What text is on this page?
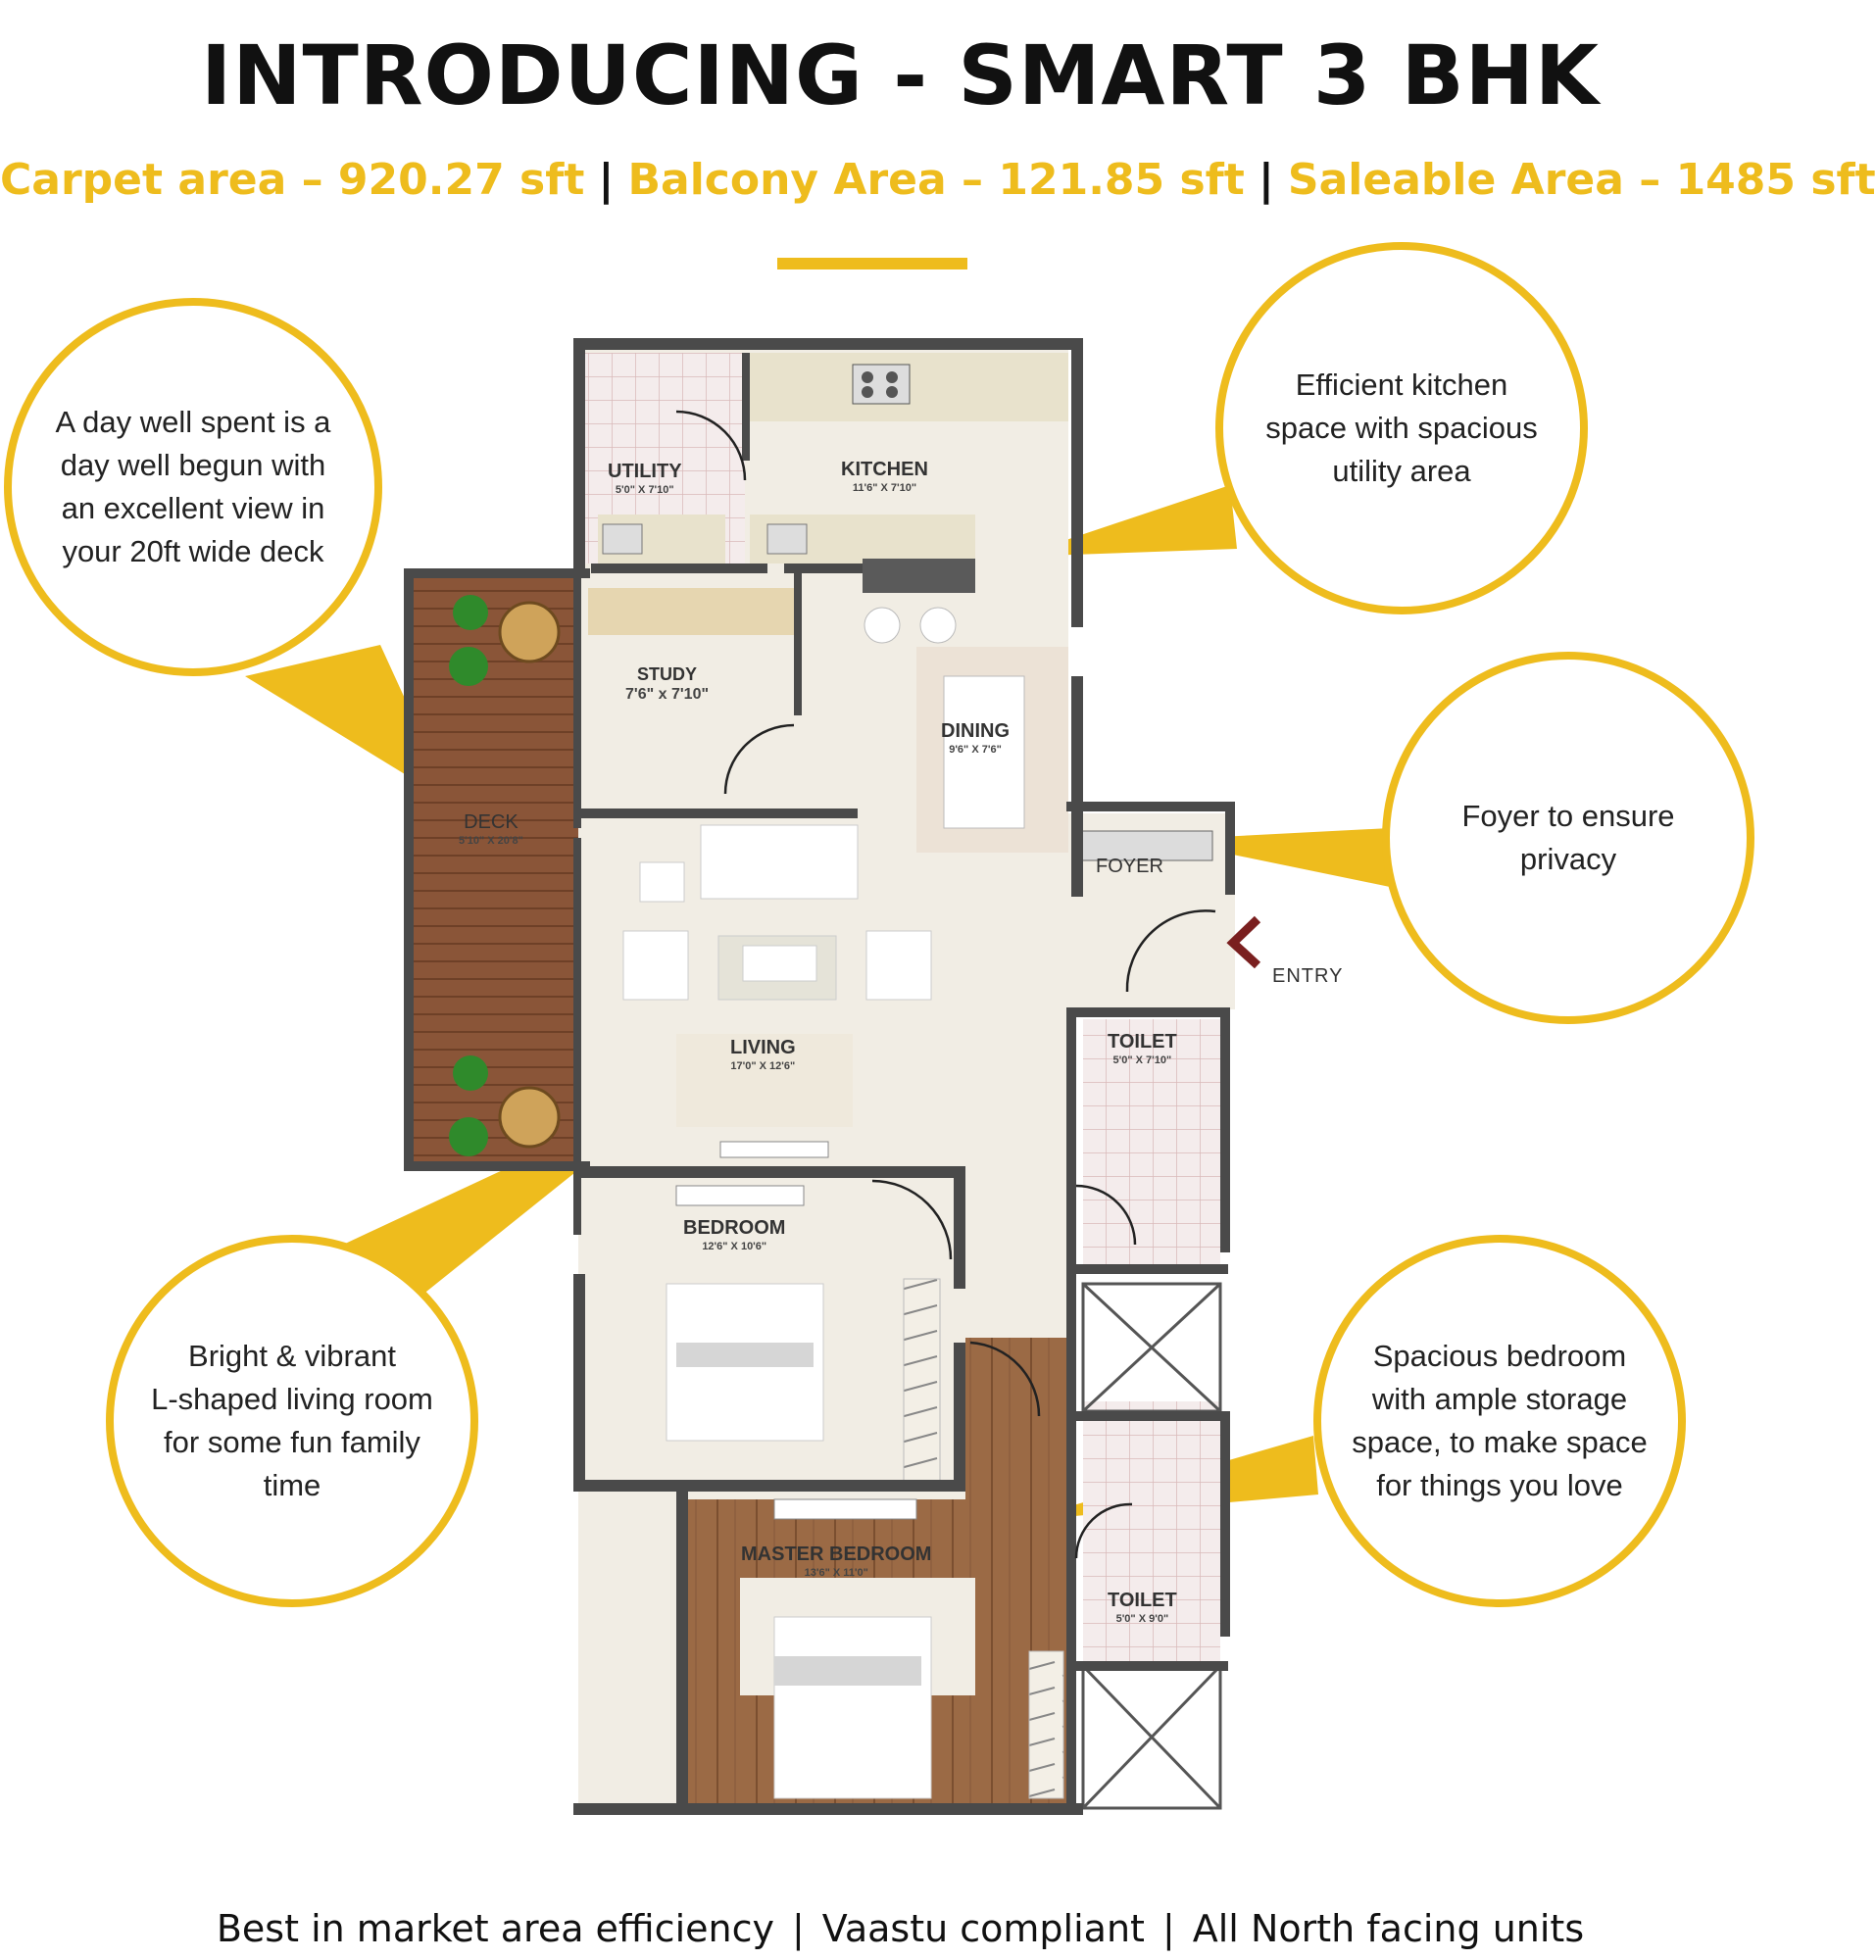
INTRODUCING - SMART 3 BHK
Carpet area – 920.27 sft | Balcony Area – 121.85 sft | Saleable Area – 1485 sft
UTILITY
5'0" X 7'10"
KITCHEN
11'6" X 7'10"
STUDY
7'6" x 7'10"
DINING
9'6" X 7'6"
DECK
5'10" X 20'8"
FOYER
ENTRY
LIVING
17'0" X 12'6"
TOILET
5'0" X 7'10"
BEDROOM
12'6" X 10'6"
MASTER BEDROOM
13'6" X 11'0"
TOILET
5'0" X 9'0"
A day well spent is a
day well begun with
an excellent view in
your 20ft wide deck
Efficient kitchen
space with spacious
utility area
Foyer to ensure
privacy
Bright & vibrant
L-shaped living room
for some fun family
time
Spacious bedroom
with ample storage
space, to make space
for things you love
Best in market area efficiency | Vaastu compliant | All North facing units
